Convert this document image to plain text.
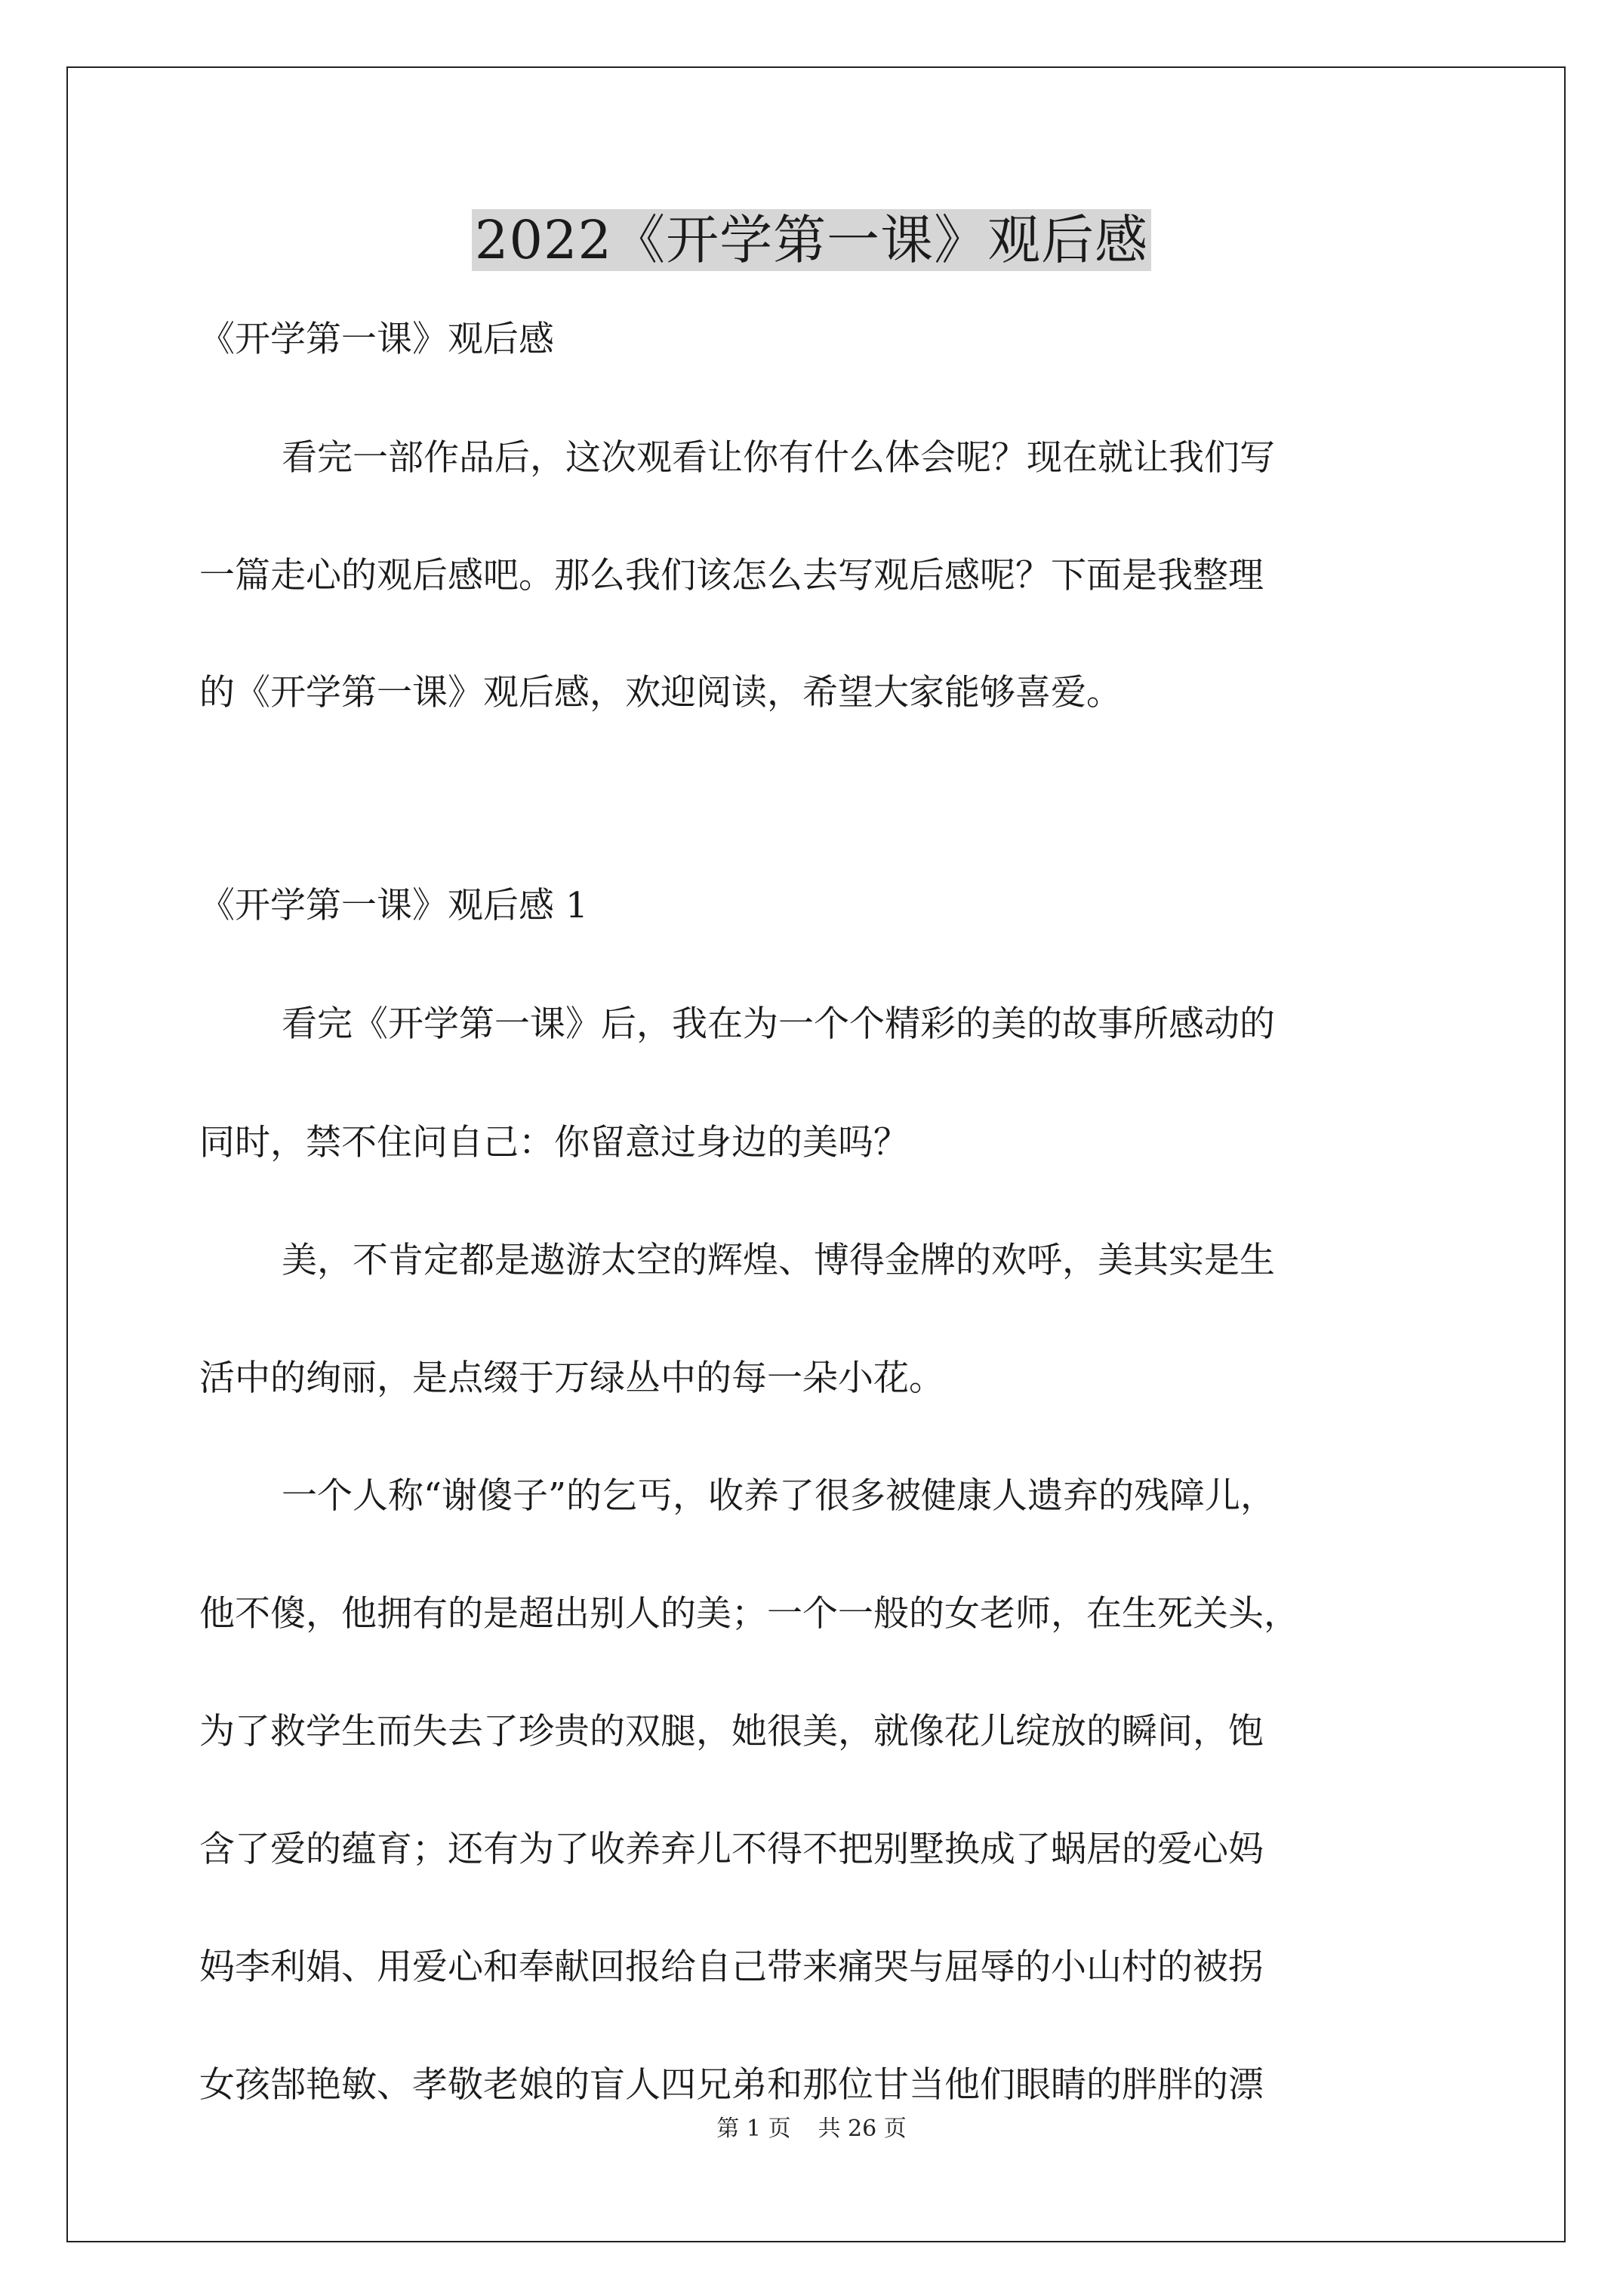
2022《开学第一课》观后感
《开学第一课》观后感
看完一部作品后，这次观看让你有什么体会呢？现在就让我们写
一篇走心的观后感吧。那么我们该怎么去写观后感呢？下面是我整理
的《开学第一课》观后感，欢迎阅读，希望大家能够喜爱。
《开学第一课》观后感 1
看完《开学第一课》后，我在为一个个精彩的美的故事所感动的
同时，禁不住问自己：你留意过身边的美吗？
美，不肯定都是遨游太空的辉煌、博得金牌的欢呼，美其实是生
活中的绚丽，是点缀于万绿丛中的每一朵小花。
一个人称“谢傻子”的乞丐，收养了很多被健康人遗弃的残障儿，
他不傻，他拥有的是超出别人的美；一个一般的女老师，在生死关头，
为了救学生而失去了珍贵的双腿，她很美，就像花儿绽放的瞬间，饱
含了爱的蕴育；还有为了收养弃儿不得不把别墅换成了蜗居的爱心妈
妈李利娟、用爱心和奉献回报给自己带来痛哭与屈辱的小山村的被拐
女孩郜艳敏、孝敬老娘的盲人四兄弟和那位甘当他们眼睛的胖胖的漂
第 1 页 共 26 页
